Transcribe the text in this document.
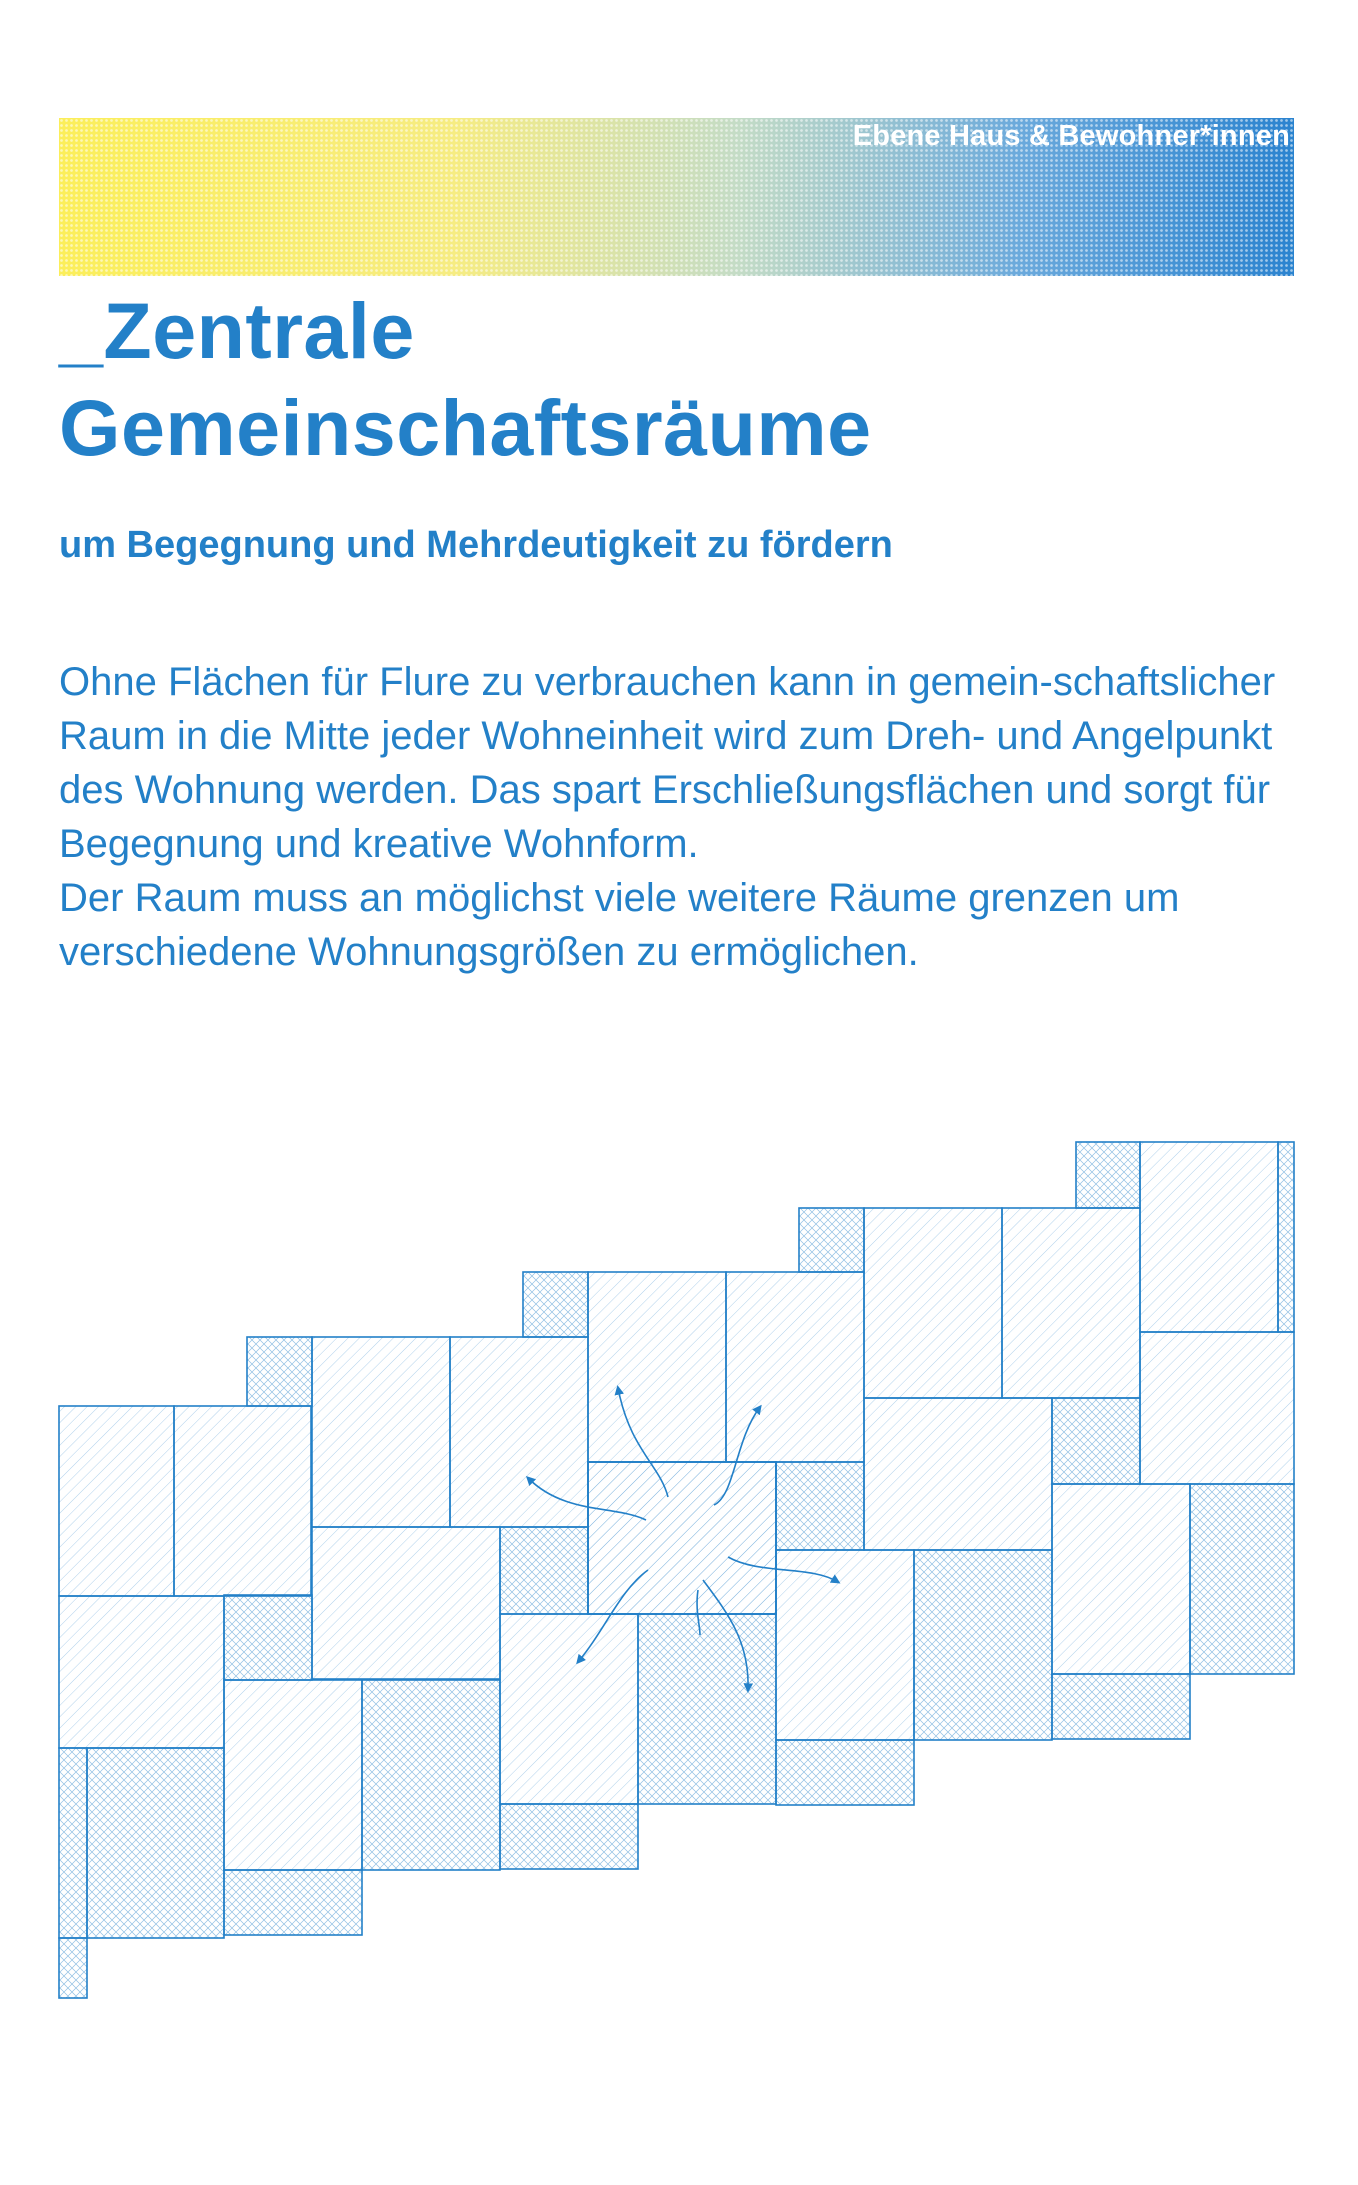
Ebene Haus & Bewohner*innen
_Zentrale
Gemeinschaftsräume
um Begegnung und Mehrdeutigkeit zu fördern

Ohne Flächen für Flure zu verbrauchen kann in gemein-schaftslicher Raum in die Mitte jeder Wohneinheit wird zum Dreh- und Angelpunkt des Wohnung werden. Das spart Erschließungsflächen und sorgt für Begegnung und kreative Wohnform.

Der Raum muss an möglichst viele weitere Räume grenzen um verschiedene Wohnungsgrößen zu ermöglichen.
